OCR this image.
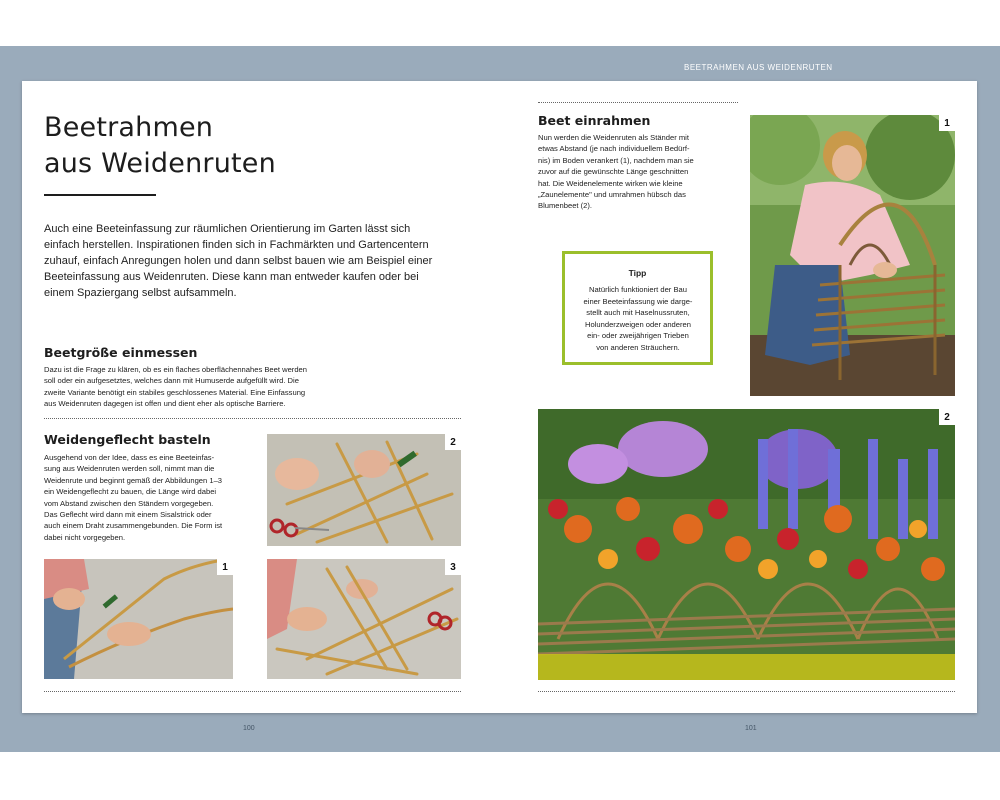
BEETRAHMEN AUS WEIDENRUTEN
Beetrahmen
aus Weidenruten
Auch eine Beeteinfassung zur räumlichen Orientierung im Garten lässt sich
einfach herstellen. Inspirationen finden sich in Fachmärkten und Gartencentern
zuhauf, einfach Anregungen holen und dann selbst bauen wie am Beispiel einer
Beeteinfassung aus Weidenruten. Diese kann man entweder kaufen oder bei
einem Spaziergang selbst aufsammeln.
Beetgröße einmessen
Dazu ist die Frage zu klären, ob es ein flaches oberflächennahes Beet werden
soll oder ein aufgesetztes, welches dann mit Humuserde aufgefüllt wird. Die
zweite Variante benötigt ein stabiles geschlossenes Material. Eine Einfassung
aus Weidenruten dagegen ist offen und dient eher als optische Barriere.
Weidengeflecht basteln
Ausgehend von der Idee, dass es eine Beeteinfas-
sung aus Weidenruten werden soll, nimmt man die
Weidenrute und beginnt gemäß der Abbildungen 1–3
ein Weidengeflecht zu bauen, die Länge wird dabei
vom Abstand zwischen den Ständern vorgegeben.
Das Geflecht wird dann mit einem Sisalstrick oder
auch einem Draht zusammengebunden. Die Form ist
dabei nicht vorgegeben.
2
1	3
Beet einrahmen
Nun werden die Weidenruten als Ständer mit
etwas Abstand (je nach individuellem Bedürf-
nis) im Boden verankert (1), nachdem man sie
zuvor auf die gewünschte Länge geschnitten
hat. Die Weidenelemente wirken wie kleine
„Zaunelemente" und umrahmen hübsch das
Blumenbeet (2).
Tipp
Natürlich funktioniert der Bau
einer Beeteinfassung wie darge-
stellt auch mit Haselnussruten,
Holunderzweigen oder anderen
ein- oder zweijährigen Trieben
von anderen Sträuchern.
1
2
100	101
